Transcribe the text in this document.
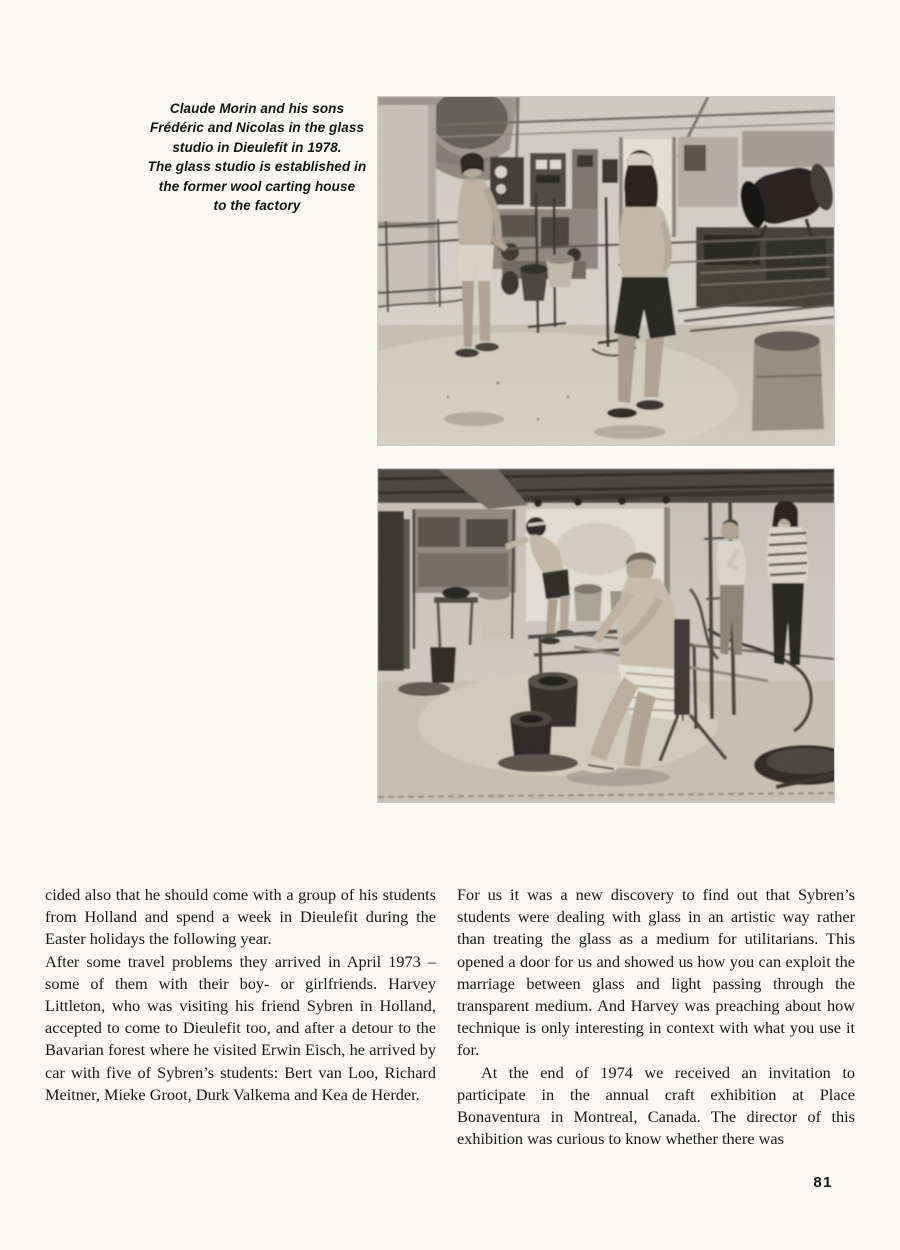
Claude Morin and his sons
Frédéric and Nicolas in the glass
studio in Dieulefit in 1978.
The glass studio is established in
the former wool carting house
to the factory

cided also that he should come with a group of his students from Holland and spend a week in Dieulefit during the Easter holidays the following year.

After some travel problems they arrived in April 1973 – some of them with their boy- or girlfriends. Harvey Littleton, who was visiting his friend Sybren in Holland, accepted to come to Dieulefit too, and after a detour to the Bavarian forest where he visited Erwin Eisch, he arrived by car with five of Sybren’s students: Bert van Loo, Richard Meitner, Mieke Groot, Durk Valkema and Kea de Herder.

For us it was a new discovery to find out that Sybren’s students were dealing with glass in an artistic way rather than treating the glass as a medium for utilitarians. This opened a door for us and showed us how you can exploit the marriage between glass and light passing through the transparent medium. And Harvey was preaching about how technique is only interesting in context with what you use it for.

At the end of 1974 we received an invitation to participate in the annual craft exhibition at Place Bonaventura in Montreal, Canada. The director of this exhibition was curious to know whether there was

81
